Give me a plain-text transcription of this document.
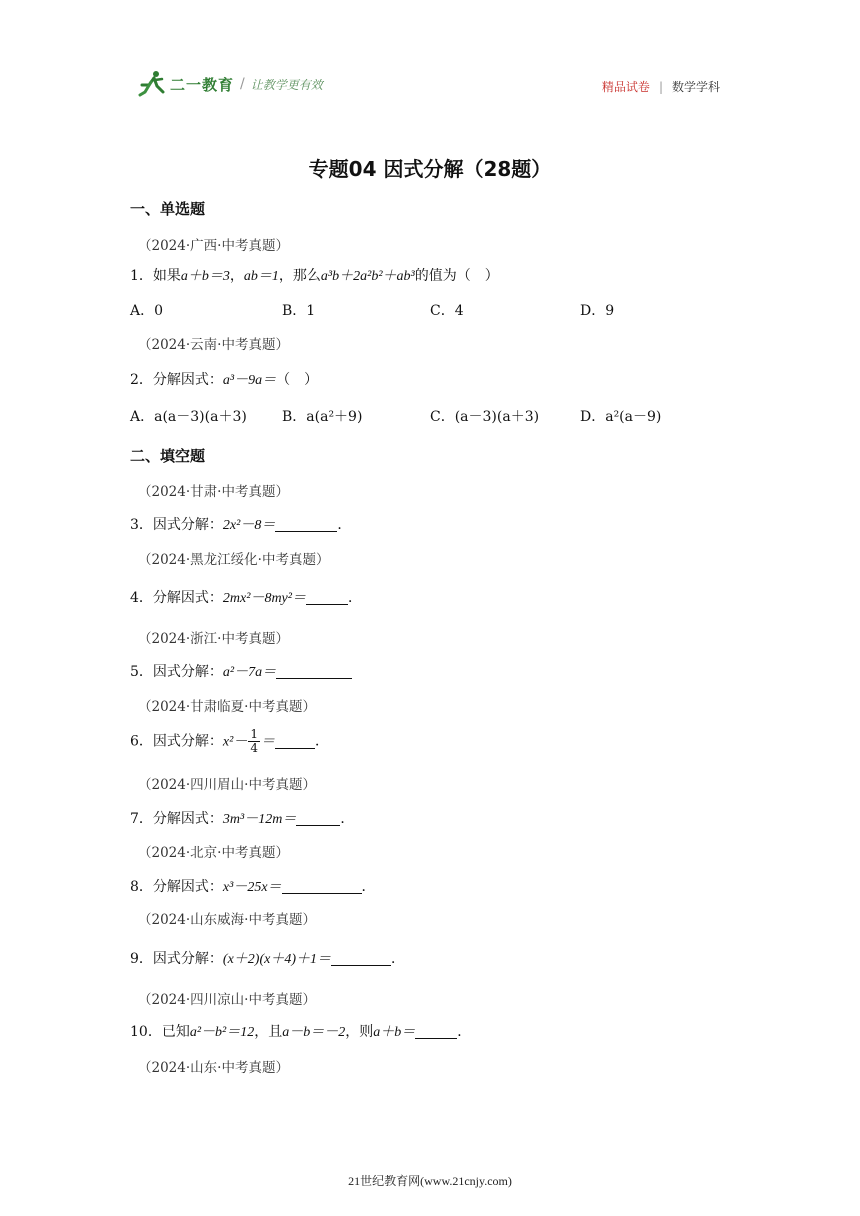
二一教育 / 让教学更有效	精品试卷 | 数学学科
专题04 因式分解（28题）
一、单选题
（2024·广西·中考真题）
1．如果a＋b＝3，ab＝1，那么a³b＋2a²b²＋ab³的值为（　）
A．0	B．1	C．4	D．9
（2024·云南·中考真题）
2．分解因式：a³－9a＝（　）
A．a(a－3)(a＋3)	B．a(a²＋9)	C．(a－3)(a＋3)	D．a²(a－9)
二、填空题
（2024·甘肃·中考真题）
3．因式分解：2x²－8＝	．
（2024·黑龙江绥化·中考真题）
4．分解因式：2mx²－8my²＝	．
（2024·浙江·中考真题）
5．因式分解：a²－7a＝
（2024·甘肃临夏·中考真题）
6．因式分解：$x^2- \frac{1}{4}$ ＝	．
（2024·四川眉山·中考真题）
7．分解因式：3m³－12m＝	．
（2024·北京·中考真题）
8．分解因式：x³－25x＝	．
（2024·山东威海·中考真题）
9．因式分解：(x＋2)(x＋4)＋1＝	．
（2024·四川凉山·中考真题）
10．已知a²－b²＝12，且a－b＝－2，则a＋b＝	．
（2024·山东·中考真题）
21世纪教育网(www.21cnjy.com)
